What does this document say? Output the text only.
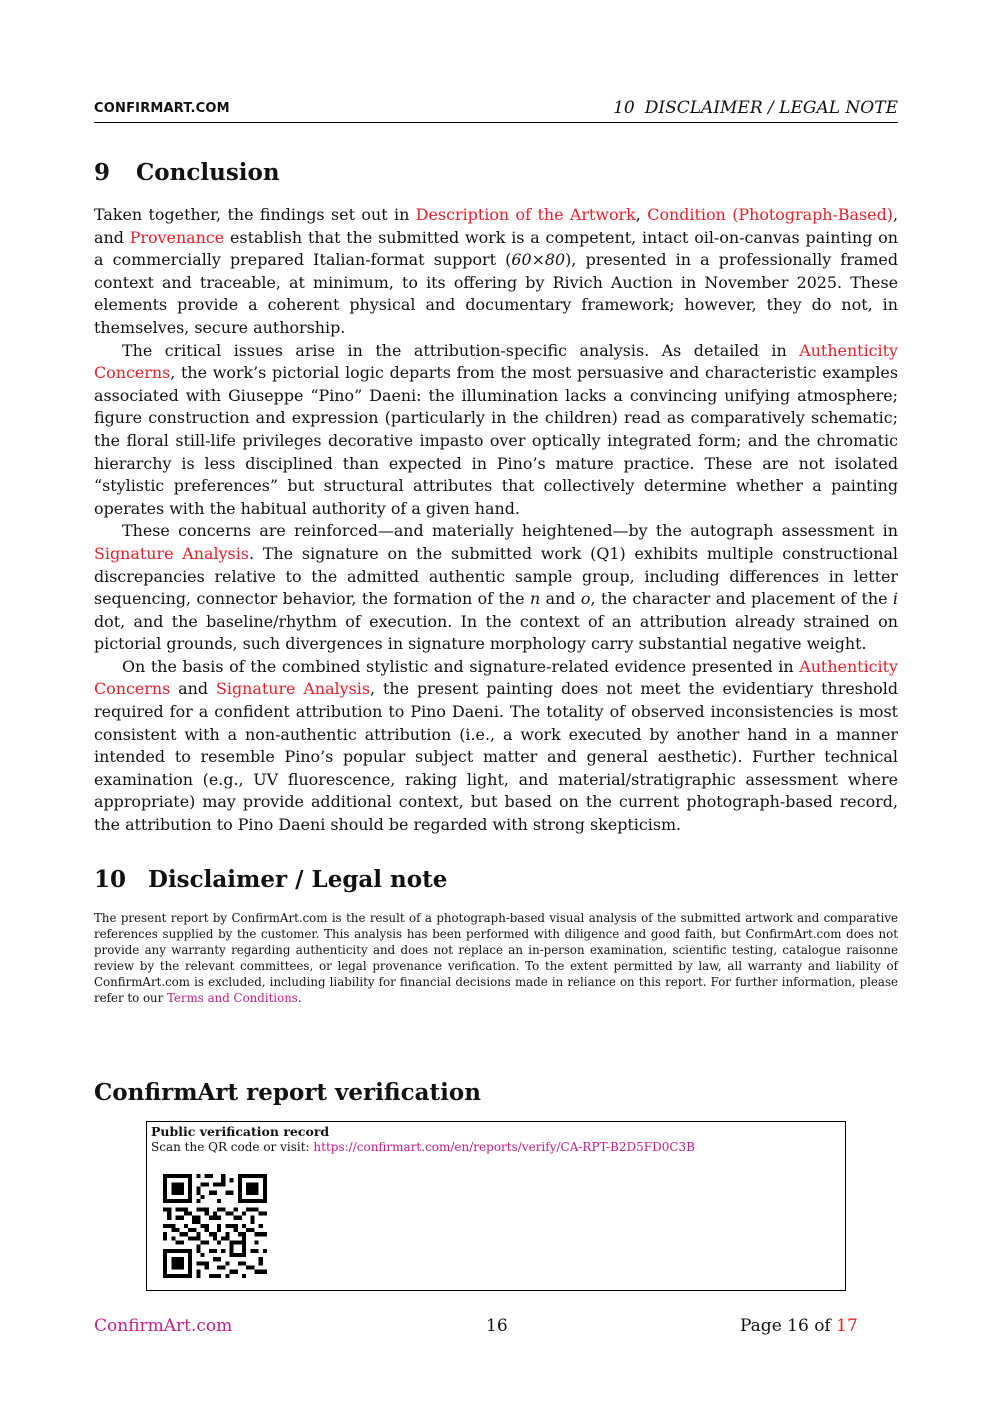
CONFIRMART.COM	10 DISCLAIMER / LEGAL NOTE
9 Conclusion

Taken together, the findings set out in Description of the Artwork, Condition (Photograph-Based), and Provenance establish that the submitted work is a competent, intact oil-on-canvas painting on a commercially prepared Italian-format support (60×80), presented in a professionally framed context and traceable, at minimum, to its offering by Rivich Auction in November 2025. These elements provide a coherent physical and documentary framework; however, they do not, in themselves, secure authorship.

The critical issues arise in the attribution-specific analysis. As detailed in Authenticity Concerns, the work’s pictorial logic departs from the most persuasive and characteristic examples associated with Giuseppe “Pino” Daeni: the illumination lacks a convincing unifying atmosphere; figure construction and expression (particularly in the children) read as comparatively schematic; the floral still-life privileges decorative impasto over optically integrated form; and the chromatic hierarchy is less disciplined than expected in Pino’s mature practice. These are not isolated “stylistic preferences” but structural attributes that collectively determine whether a painting operates with the habitual authority of a given hand.

These concerns are reinforced—and materially heightened—by the autograph assessment in Signature Analysis. The signature on the submitted work (Q1) exhibits multiple constructional discrepancies relative to the admitted authentic sample group, including differences in letter sequencing, connector behavior, the formation of the n and o, the character and placement of the i dot, and the baseline/rhythm of execution. In the context of an attribution already strained on pictorial grounds, such divergences in signature morphology carry substantial negative weight.

On the basis of the combined stylistic and signature-related evidence presented in Authenticity Concerns and Signature Analysis, the present painting does not meet the evidentiary threshold required for a confident attribution to Pino Daeni. The totality of observed inconsistencies is most consistent with a non-authentic attribution (i.e., a work executed by another hand in a manner intended to resemble Pino’s popular subject matter and general aesthetic). Further technical examination (e.g., UV fluorescence, raking light, and material/stratigraphic assessment where appropriate) may provide additional context, but based on the current photograph-based record, the attribution to Pino Daeni should be regarded with strong skepticism.

10 Disclaimer / Legal note
The present report by ConfirmArt.com is the result of a photograph-based visual analysis of the submitted artwork and comparative references supplied by the customer. This analysis has been performed with diligence and good faith, but ConfirmArt.com does not provide any warranty regarding authenticity and does not replace an in-person examination, scientific testing, catalogue raisonne review by the relevant committees, or legal provenance verification. To the extent permitted by law, all warranty and liability of ConfirmArt.com is excluded, including liability for financial decisions made in reliance on this report. For further information, please refer to our Terms and Conditions.
ConfirmArt report verification
Public verification record
Scan the QR code or visit: https://confirmart.com/en/reports/verify/CA-RPT-B2D5FD0C3B
ConfirmArt.com	16	Page 16 of 17
